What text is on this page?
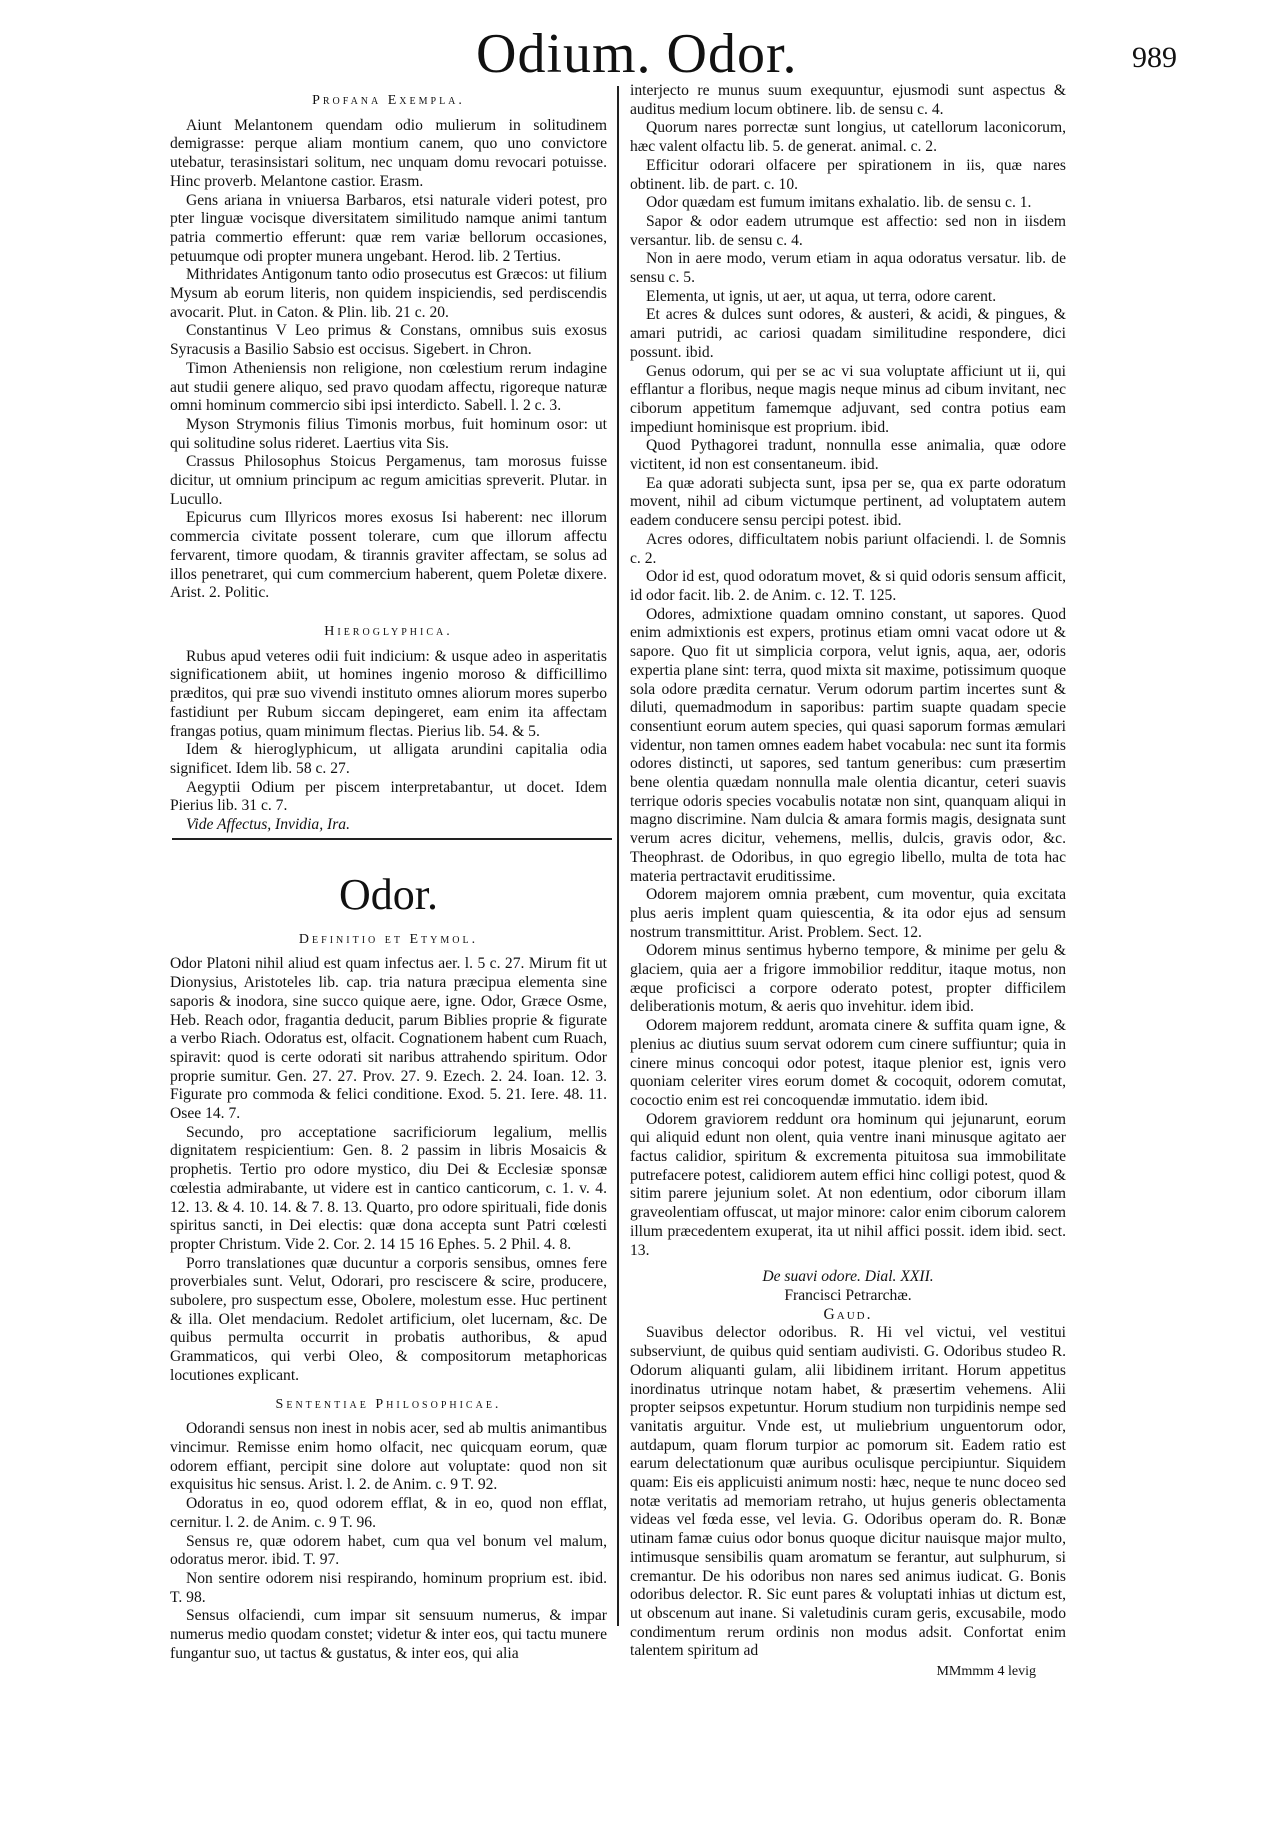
Odium. Odor.	989
Profana Exempla.

Aiunt Melantonem quendam odio mulierum in solitudinem demigrasse: perque aliam montium canem, quo uno convictore utebatur, terasinsistari solitum, nec unquam domu revocari potuisse. Hinc proverb. Melantone castior. Erasm.

Gens ariana in vniuersa Barbaros, etsi naturale videri potest, pro pter linguæ vocisque diversitatem similitudo namque animi tantum patria commertio efferunt: quæ rem variæ bellorum occasiones, petuumque odi propter munera ungebant. Herod. lib. 2 Tertius.

Mithridates Antigonum tanto odio prosecutus est Græcos: ut filium Mysum ab eorum literis, non quidem inspiciendis, sed perdiscendis avocarit. Plut. in Caton. & Plin. lib. 21 c. 20.

Constantinus V Leo primus & Constans, omnibus suis exosus Syracusis a Basilio Sabsio est occisus. Sigebert. in Chron.

Timon Atheniensis non religione, non cœlestium rerum indagine aut studii genere aliquo, sed pravo quodam affectu, rigoreque naturæ omni hominum commercio sibi ipsi interdicto. Sabell. l. 2 c. 3.

Myson Strymonis filius Timonis morbus, fuit hominum osor: ut qui solitudine solus rideret. Laertius vita Sis.

Crassus Philosophus Stoicus Pergamenus, tam morosus fuisse dicitur, ut omnium principum ac regum amicitias spreverit. Plutar. in Lucullo.

Epicurus cum Illyricos mores exosus Isi haberent: nec illorum commercia civitate possent tolerare, cum que illorum affectu fervarent, timore quodam, & tirannis graviter affectam, se solus ad illos penetraret, qui cum commercium haberent, quem Poletæ dixere. Arist. 2. Politic.

Hieroglyphica.

Rubus apud veteres odii fuit indicium: & usque adeo in asperitatis significationem abiit, ut homines ingenio moroso & difficillimo præditos, qui præ suo vivendi instituto omnes aliorum mores superbo fastidiunt per Rubum siccam depingeret, eam enim ita affectam frangas potius, quam minimum flectas. Pierius lib. 54. & 5.

Idem & hieroglyphicum, ut alligata arundini capitalia odia significet. Idem lib. 58 c. 27.

Aegyptii Odium per piscem interpretabantur, ut docet. Idem Pierius lib. 31 c. 7.

Vide Affectus, Invidia, Ira.

Odor.
Definitio et Etymol.

Odor Platoni nihil aliud est quam infectus aer. l. 5 c. 27. Mirum fit ut Dionysius, Aristoteles lib. cap. tria natura præcipua elementa sine saporis & inodora, sine succo quique aere, igne. Odor, Græce Osme, Heb. Reach odor, fragantia deducit, parum Biblies proprie & figurate a verbo Riach. Odoratus est, olfacit. Cognationem habent cum Ruach, spiravit: quod is certe odorati sit naribus attrahendo spiritum. Odor proprie sumitur. Gen. 27. 27. Prov. 27. 9. Ezech. 2. 24. Ioan. 12. 3. Figurate pro commoda & felici conditione. Exod. 5. 21. Iere. 48. 11. Osee 14. 7.

Secundo, pro acceptatione sacrificiorum legalium, mellis dignitatem respicientium: Gen. 8. 2 passim in libris Mosaicis & prophetis. Tertio pro odore mystico, diu Dei & Ecclesiæ sponsæ cœlestia admirabante, ut videre est in cantico canticorum, c. 1. v. 4. 12. 13. & 4. 10. 14. & 7. 8. 13. Quarto, pro odore spirituali, fide donis spiritus sancti, in Dei electis: quæ dona accepta sunt Patri cœlesti propter Christum. Vide 2. Cor. 2. 14 15 16 Ephes. 5. 2 Phil. 4. 8.

Porro translationes quæ ducuntur a corporis sensibus, omnes fere proverbiales sunt. Velut, Odorari, pro resciscere & scire, producere, subolere, pro suspectum esse, Obolere, molestum esse. Huc pertinent & illa. Olet mendacium. Redolet artificium, olet lucernam, &c. De quibus permulta occurrit in probatis authoribus, & apud Grammaticos, qui verbi Oleo, & compositorum metaphoricas locutiones explicant.

Sententiae Philosophicae.

Odorandi sensus non inest in nobis acer, sed ab multis animantibus vincimur. Remisse enim homo olfacit, nec quicquam eorum, quæ odorem effiant, percipit sine dolore aut voluptate: quod non sit exquisitus hic sensus. Arist. l. 2. de Anim. c. 9 T. 92.

Odoratus in eo, quod odorem efflat, & in eo, quod non efflat, cernitur. l. 2. de Anim. c. 9 T. 96.

Sensus re, quæ odorem habet, cum qua vel bonum vel malum, odoratus meror. ibid. T. 97.

Non sentire odorem nisi respirando, hominum proprium est. ibid. T. 98.

Sensus olfaciendi, cum impar sit sensuum numerus, & impar numerus medio quodam constet; videtur & inter eos, qui tactu munere fungantur suo, ut tactus & gustatus, & inter eos, qui alia

interjecto re munus suum exequuntur, ejusmodi sunt aspectus & auditus medium locum obtinere. lib. de sensu c. 4.

Quorum nares porrectæ sunt longius, ut catellorum laconicorum, hæc valent olfactu lib. 5. de generat. animal. c. 2.

Efficitur odorari olfacere per spirationem in iis, quæ nares obtinent. lib. de part. c. 10.

Odor quædam est fumum imitans exhalatio. lib. de sensu c. 1.

Sapor & odor eadem utrumque est affectio: sed non in iisdem versantur. lib. de sensu c. 4.

Non in aere modo, verum etiam in aqua odoratus versatur. lib. de sensu c. 5.

Elementa, ut ignis, ut aer, ut aqua, ut terra, odore carent.

Et acres & dulces sunt odores, & austeri, & acidi, & pingues, & amari putridi, ac cariosi quadam similitudine respondere, dici possunt. ibid.

Genus odorum, qui per se ac vi sua voluptate afficiunt ut ii, qui efflantur a floribus, neque magis neque minus ad cibum invitant, nec ciborum appetitum famemque adjuvant, sed contra potius eam impediunt hominisque est proprium. ibid.

Quod Pythagorei tradunt, nonnulla esse animalia, quæ odore victitent, id non est consentaneum. ibid.

Ea quæ adorati subjecta sunt, ipsa per se, qua ex parte odoratum movent, nihil ad cibum victumque pertinent, ad voluptatem autem eadem conducere sensu percipi potest. ibid.

Acres odores, difficultatem nobis pariunt olfaciendi. l. de Somnis c. 2.

Odor id est, quod odoratum movet, & si quid odoris sensum afficit, id odor facit. lib. 2. de Anim. c. 12. T. 125.

Odores, admixtione quadam omnino constant, ut sapores. Quod enim admixtionis est expers, protinus etiam omni vacat odore ut & sapore. Quo fit ut simplicia corpora, velut ignis, aqua, aer, odoris expertia plane sint: terra, quod mixta sit maxime, potissimum quoque sola odore prædita cernatur. Verum odorum partim incertes sunt & diluti, quemadmodum in saporibus: partim suapte quadam specie consentiunt eorum autem species, qui quasi saporum formas æmulari videntur, non tamen omnes eadem habet vocabula: nec sunt ita formis odores distincti, ut sapores, sed tantum generibus: cum præsertim bene olentia quædam nonnulla male olentia dicantur, ceteri suavis terrique odoris species vocabulis notatæ non sint, quanquam aliqui in magno discrimine. Nam dulcia & amara formis magis, designata sunt verum acres dicitur, vehemens, mellis, dulcis, gravis odor, &c. Theophrast. de Odoribus, in quo egregio libello, multa de tota hac materia pertractavit eruditissime.

Odorem majorem omnia præbent, cum moventur, quia excitata plus aeris implent quam quiescentia, & ita odor ejus ad sensum nostrum transmittitur. Arist. Problem. Sect. 12.

Odorem minus sentimus hyberno tempore, & minime per gelu & glaciem, quia aer a frigore immobilior redditur, itaque motus, non æque proficisci a corpore oderato potest, propter difficilem deliberationis motum, & aeris quo invehitur. idem ibid.

Odorem majorem reddunt, aromata cinere & suffita quam igne, & plenius ac diutius suum servat odorem cum cinere suffiuntur; quia in cinere minus concoqui odor potest, itaque plenior est, ignis vero quoniam celeriter vires eorum domet & cocoquit, odorem comutat, cococtio enim est rei concoquendæ immutatio. idem ibid.

Odorem graviorem reddunt ora hominum qui jejunarunt, eorum qui aliquid edunt non olent, quia ventre inani minusque agitato aer factus calidior, spiritum & excrementa pituitosa sua immobilitate putrefacere potest, calidiorem autem effici hinc colligi potest, quod & sitim parere jejunium solet. At non edentium, odor ciborum illam graveolentiam offuscat, ut major minore: calor enim ciborum calorem illum præcedentem exuperat, ita ut nihil affici possit. idem ibid. sect. 13.

De suavi odore. Dial. XXII.

Francisci Petrarchæ.

Gaud.

Suavibus delector odoribus. R. Hi vel victui, vel vestitui subserviunt, de quibus quid sentiam audivisti. G. Odoribus studeo R. Odorum aliquanti gulam, alii libidinem irritant. Horum appetitus inordinatus utrinque notam habet, & præsertim vehemens. Alii propter seipsos expetuntur. Horum studium non turpidinis nempe sed vanitatis arguitur. Vnde est, ut muliebrium unguentorum odor, autdapum, quam florum turpior ac pomorum sit. Eadem ratio est earum delectationum quæ auribus oculisque percipiuntur. Siquidem quam: Eis eis applicuisti animum nosti: hæc, neque te nunc doceo sed notæ veritatis ad memoriam retraho, ut hujus generis oblectamenta videas vel fœda esse, vel levia. G. Odoribus operam do. R. Bonæ utinam famæ cuius odor bonus quoque dicitur nauisque major multo, intimusque sensibilis quam aromatum se ferantur, aut sulphurum, si cremantur. De his odoribus non nares sed animus iudicat. G. Bonis odoribus delector. R. Sic eunt pares & voluptati inhias ut dictum est, ut obscenum aut inane. Si valetudinis curam geris, excusabile, modo condimentum rerum ordinis non modus adsit. Confortat enim talentem spiritum ad

MMmmm 4 levig
